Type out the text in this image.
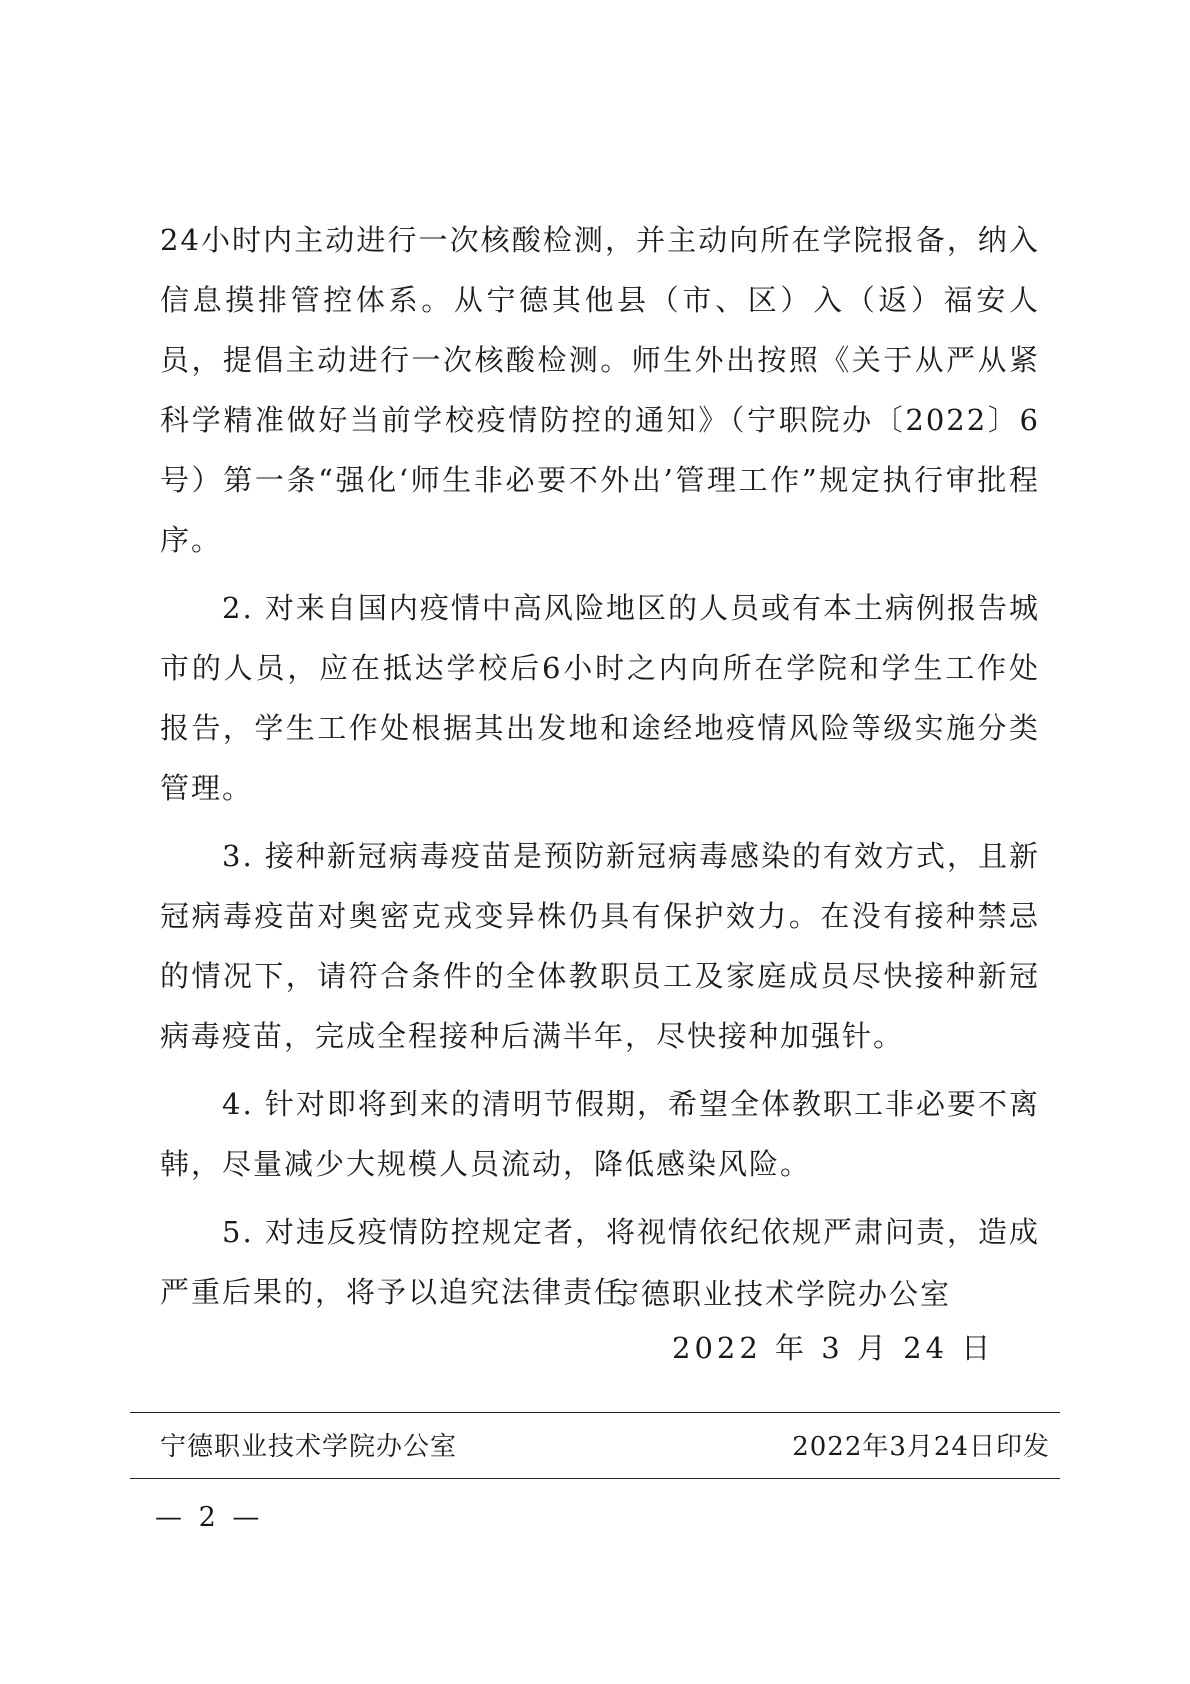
24小时内主动进行一次核酸检测，并主动向所在学院报备，纳入信息摸排管控体系。从宁德其他县（市、区）入（返）福安人员，提倡主动进行一次核酸检测。师生外出按照《关于从严从紧科学精准做好当前学校疫情防控的通知》（宁职院办〔2022〕6号）第一条“强化‘师生非必要不外出’管理工作”规定执行审批程序。

　　2. 对来自国内疫情中高风险地区的人员或有本土病例报告城市的人员，应在抵达学校后6小时之内向所在学院和学生工作处报告，学生工作处根据其出发地和途经地疫情风险等级实施分类管理。

　　3. 接种新冠病毒疫苗是预防新冠病毒感染的有效方式，且新冠病毒疫苗对奥密克戎变异株仍具有保护效力。在没有接种禁忌的情况下，请符合条件的全体教职员工及家庭成员尽快接种新冠病毒疫苗，完成全程接种后满半年，尽快接种加强针。

　　4. 针对即将到来的清明节假期，希望全体教职工非必要不离韩，尽量减少大规模人员流动，降低感染风险。

　　5. 对违反疫情防控规定者，将视情依纪依规严肃问责，造成严重后果的，将予以追究法律责任。

宁德职业技术学院办公室
2022 年 3 月 24 日
宁德职业技术学院办公室	2022年3月24日印发
— 2 —
